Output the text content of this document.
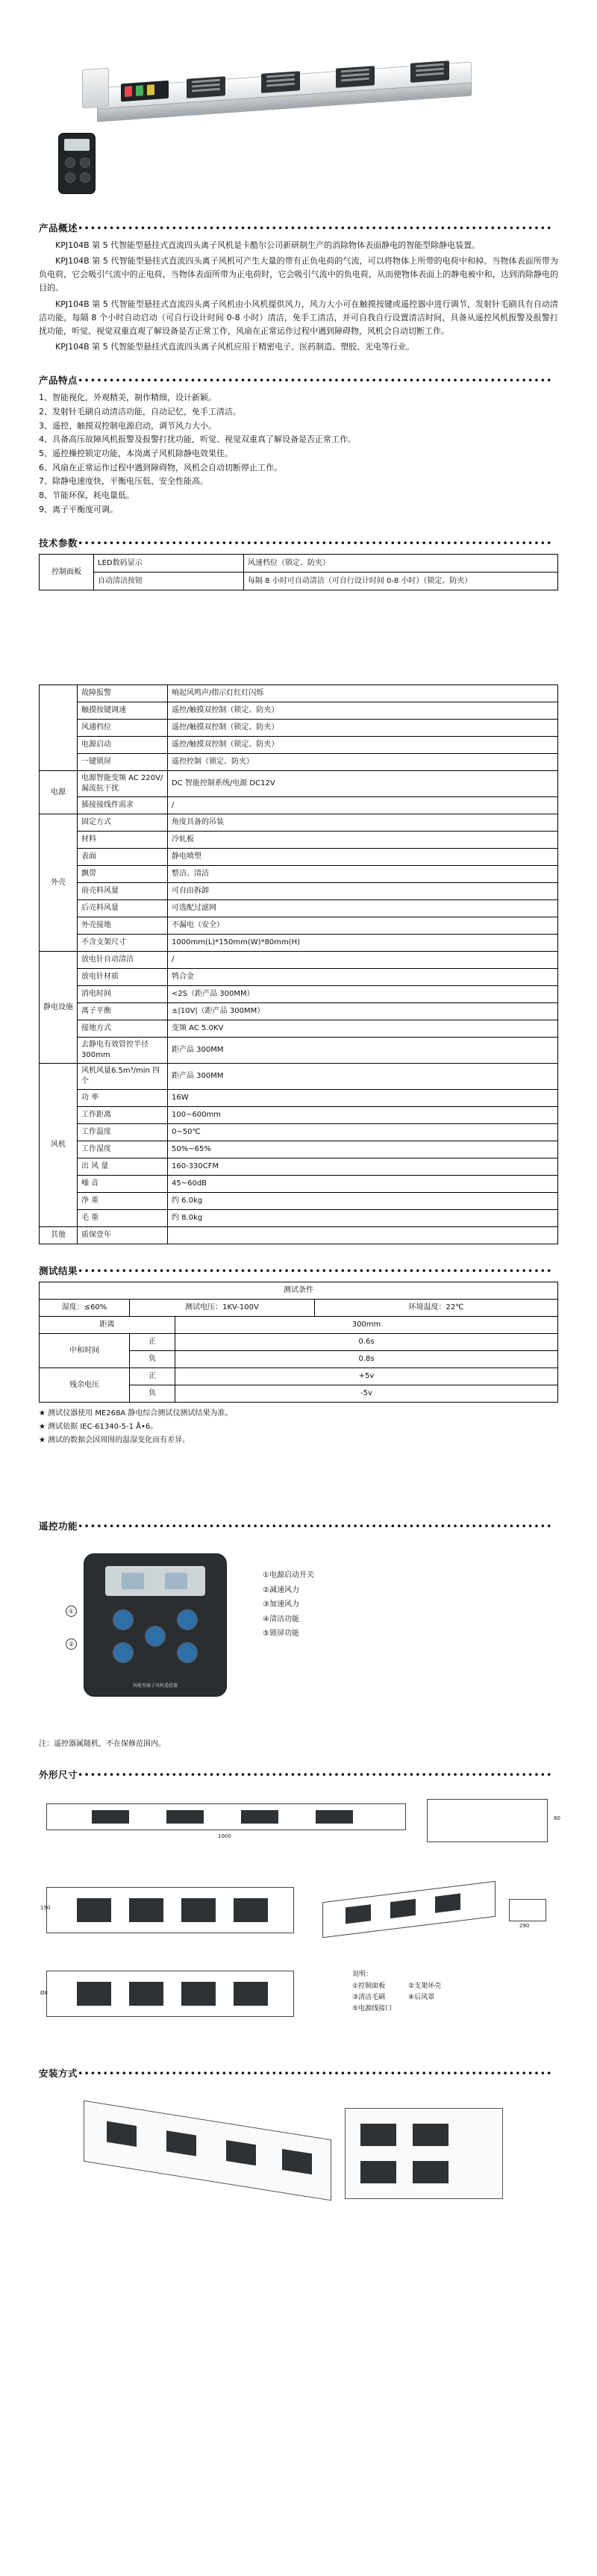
产品概述••••••••••••••••••••••••••••••••••••••••••••••••••••••••••••••••••••••••••••

KPJ104B 第 5 代智能型悬挂式直流四头离子风机是卡酷尔公司新研制生产的消除物体表面静电的智能型除静电装置。

KPJ104B 第 5 代智能型悬挂式直流四头离子风机可产生大量的带有正负电荷的气流，可以将物体上所带的电荷中和掉。当物体表面所带为负电荷，它会吸引气流中的正电荷，当物体表面所带为正电荷时，它会吸引气流中的负电荷，从而使物体表面上的静电被中和，达到消除静电的目的。

KPJ104B 第 5 代智能型悬挂式直流四头离子风机由小风机提供风力，风力大小可在触摸按键或遥控器中进行调节，发射针毛刷具有自动清洁功能，每隔 8 个小时自动启动（可自行设计时间 0-8 小时）清洁，免手工清洁，并可自我自行设置清洁时间，具备从遥控风机报警及报警打扰功能，听觉、视觉双重直观了解设备是否正常工作，风扇在正常运作过程中遇到障碍物，风机会自动切断工作。

KPJ104B 第 5 代智能型悬挂式直流四头离子风机应用于精密电子、医药制造、塑胶、光电等行业。

产品特点••••••••••••••••••••••••••••••••••••••••••••••••••••••••••••••••••••••••••••
1、智能视化，外观精美，制作精细，设计新颖。
2、发射针毛刷自动清洁功能，自动记忆，免手工清洁。
3、遥控、触摸双控制电源启动，调节风力大小。
4、具备高压故障风机报警及报警打扰功能，听觉、视觉双重真了解设备是否正常工作。
5、遥控操控锁定功能，本岗离子风机除静电效果佳。
6、风扇在正常运作过程中遇到障碍物，风机会自动切断停止工作。
7、除静电速度快，平衡电压低、安全性能高。
8、节能环保，耗电量低。
9、离子平衡度可调。
技术参数••••••••••••••••••••••••••••••••••••••••••••••••••••••••••••••••••••••••••••
控制面板	LED数码显示	风速档位（锁定、防夹）
	自动清洁按钮	每隔 8 小时可自动清洁（可自行设计时间 0-8 小时）（锁定、防夹）
	故障报警	响起风鸣声/指示灯红灯闪烁
	触摸按键调速	遥控/触摸双控制（锁定、防夹）
	风通档位	遥控/触摸双控制（锁定、防夹）
	电源启动	遥控/触摸双控制（锁定、防夹）
	一键锁屏	遥控控制（锁定、防夹）
电源	电源智能变频 AC 220V/漏流抗干扰	DC 智能控制系统/电源 DC12V
	插接接线件需求	/
外壳	固定方式	角度具备的吊装
	材料	冷轧板
	表面	静电喷塑
	飘带	整洁、清洁
	前壳料风量	可自由拆卸
	后壳料风量	可选配过滤网
	外壳接地	不漏电（安全）
	不含支架尺寸	1000mm(L)*150mm(W)*80mm(H)
静电设施	放电针自动清洁	/
	放电针材质	鸨合金
	消电时间	<2S（距产品 300MM）
	离子平衡	±|10V|（距产品 300MM）
	接地方式	变频 AC 5.0KV
	去静电有效管控半径 300mm	距产品 300MM
风机	风机风量6.5m³/min 四个	距产品 300MM
	功 率	16W
	工作距离	100~600mm
	工作温度	0~50℃
	工作湿度	50%~65%
	出 风 量	160-330CFM
	噪 音	45~60dB
	净 重	约 6.0kg
	毛 重	约 8.0kg
其他	质保壹年	
测试结果••••••••••••••••••••••••••••••••••••••••••••••••••••••••••••••••••••••••••••
测试条件			
湿度：≤60%	测试电压：1KV-100V		环境温度：22℃
距离		300mm	
中和时间	正	0.6s	
	负	0.8s	
残余电压	正	+5v	
	负	-5v	
★ 测试仪器使用 ME268A 静电综合测试仪测试结果为准。
★ 测试依据 IEC-61340-5-1 Å•6。
★ 测试的数据会因周围的温湿变化而有差异。
遥控功能••••••••••••••••••••••••••••••••••••••••••••••••••••••••••••••••••••••••••••
智能型离子风机遥控器
①
②
①电源启动开关
②减速风力
③加速风力
④清洁功能
⑤锁屏功能
注：遥控器属随机，不在保修范围内。
外形尺寸••••••••••••••••••••••••••••••••••••••••••••••••••••••••••••••••••••••••••••
1000
80
150
290
Ø8
说明：
①控制面板
③清洁毛刷
⑤电源线接口
②支架环壳
④后风罩
安装方式••••••••••••••••••••••••••••••••••••••••••••••••••••••••••••••••••••••••••••
